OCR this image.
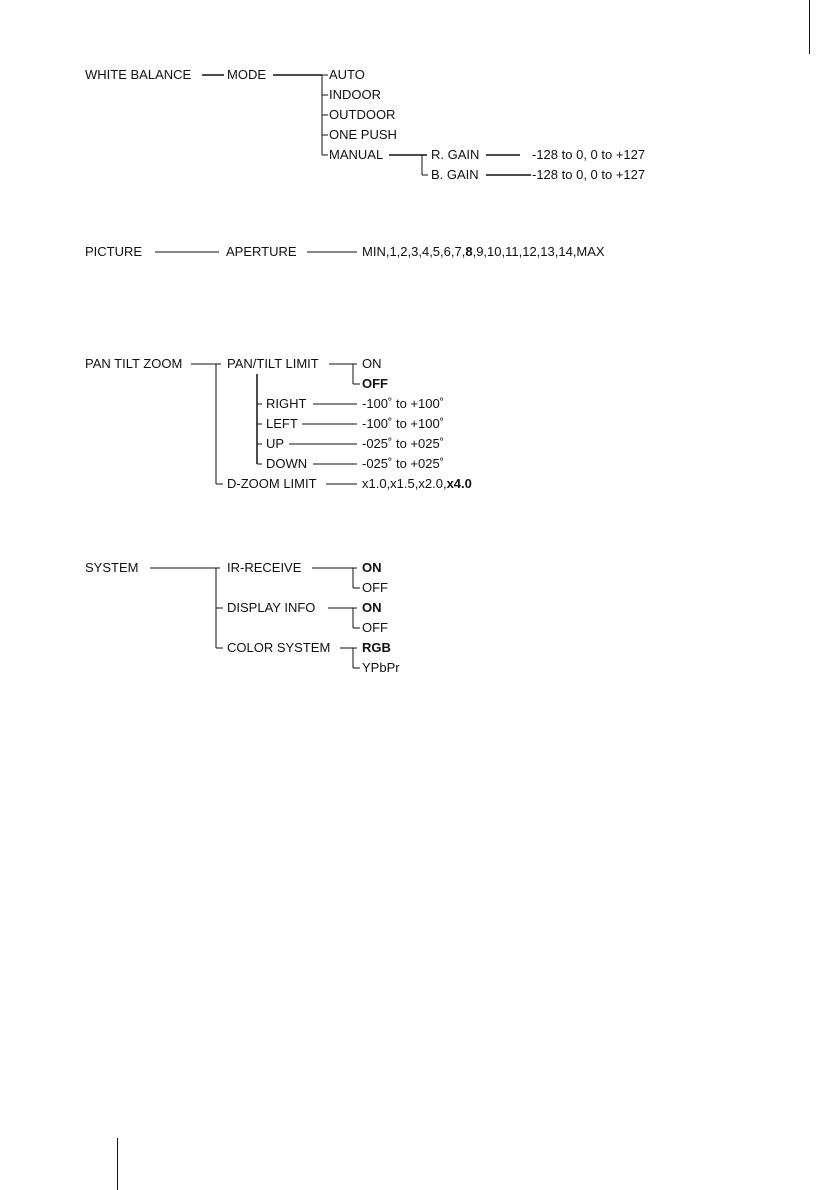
WHITE BALANCE	MODE	AUTO
INDOOR
OUTDOOR
ONE PUSH
MANUAL	R. GAIN	-128 to 0, 0 to +127
B. GAIN	-128 to 0, 0 to +127
PICTURE	APERTURE	MIN,1,2,3,4,5,6,7,8,9,10,11,12,13,14,MAX
PAN TILT ZOOM	PAN/TILT LIMIT	ON
OFF
RIGHT	-100˚ to +100˚
LEFT	-100˚ to +100˚
UP	-025˚ to +025˚
DOWN	-025˚ to +025˚
D-ZOOM LIMIT	x1.0,x1.5,x2.0,x4.0
SYSTEM	IR-RECEIVE	ON
OFF
DISPLAY INFO	ON
OFF
COLOR SYSTEM RGB
YPbPr
